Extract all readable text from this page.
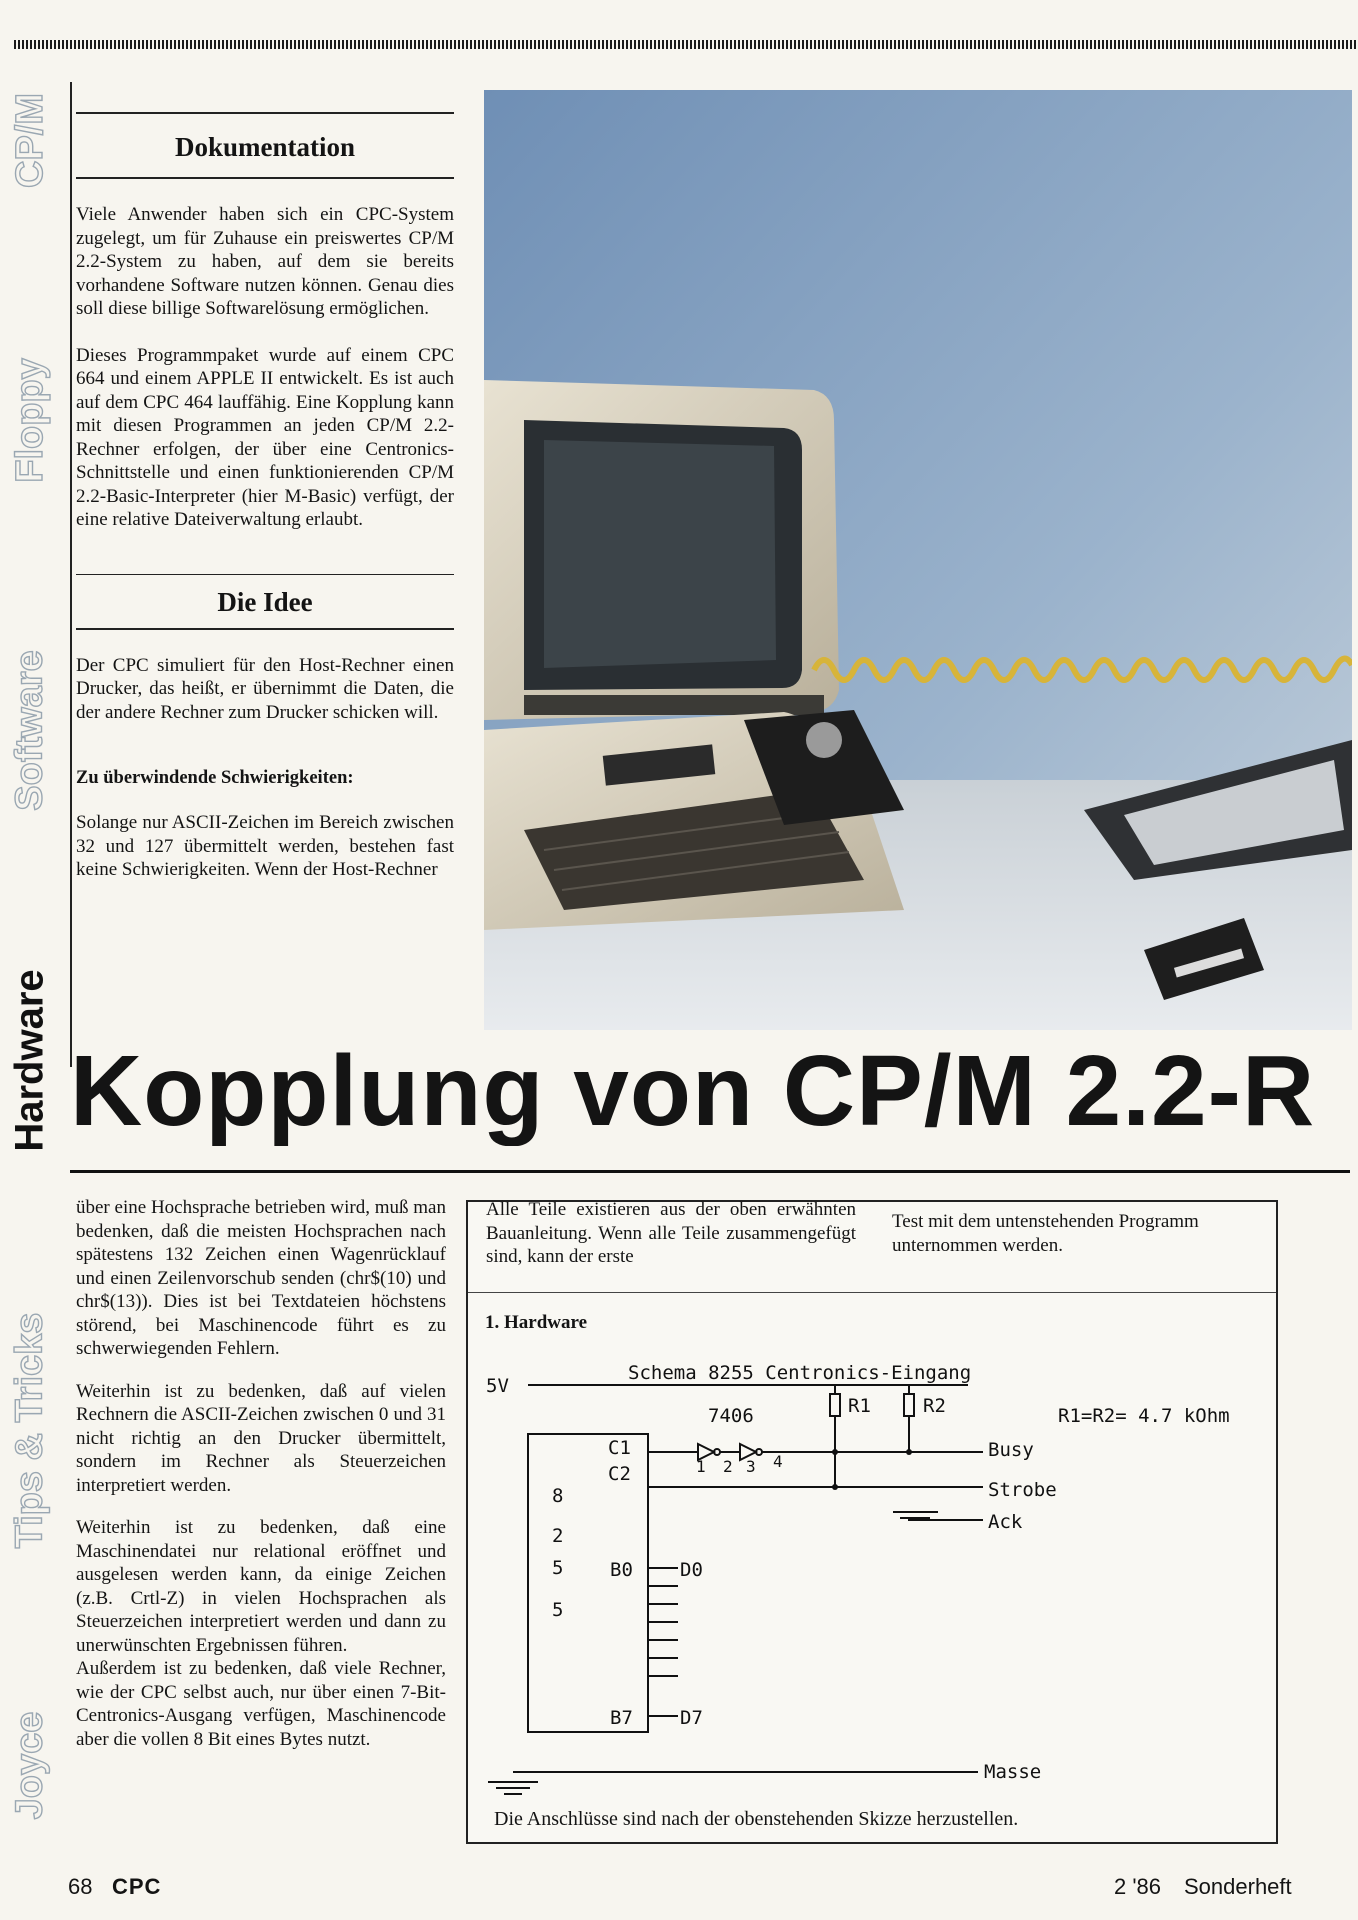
CP/M
Floppy
Software
Hardware
Tips & Tricks
Joyce
Dokumentation

Viele Anwender haben sich ein CPC-System zugelegt, um für Zuhause ein preiswertes CP/M 2.2-System zu haben, auf dem sie bereits vorhandene Software nutzen können. Genau dies soll diese billige Softwarelösung ermöglichen.

Dieses Programmpaket wurde auf einem CPC 664 und einem APPLE II entwickelt. Es ist auch auf dem CPC 464 lauffähig. Eine Kopplung kann mit diesen Programmen an jeden CP/M 2.2-Rechner erfolgen, der über eine Centronics-Schnittstelle und einen funktionierenden CP/M 2.2-Basic-Interpreter (hier M-Basic) verfügt, der eine relative Dateiverwaltung erlaubt.

Die Idee

Der CPC simuliert für den Host-Rechner einen Drucker, das heißt, er übernimmt die Daten, die der andere Rechner zum Drucker schicken will.

Zu überwindende Schwierigkeiten:

Solange nur ASCII-Zeichen im Bereich zwischen 32 und 127 übermittelt werden, bestehen fast keine Schwierigkeiten. Wenn der Host-Rechner

Kopplung von CP/M 2.2-R

über eine Hochsprache betrieben wird, muß man bedenken, daß die meisten Hochsprachen nach spätestens 132 Zeichen einen Wagenrücklauf und einen Zeilenvorschub senden (chr$(10) und chr$(13)). Dies ist bei Textdateien höchstens störend, bei Maschinencode führt es zu schwerwiegenden Fehlern.

Weiterhin ist zu bedenken, daß auf vielen Rechnern die ASCII-Zeichen zwischen 0 und 31 nicht richtig an den Drucker übermittelt, sondern im Rechner als Steuerzeichen interpretiert werden.

Weiterhin ist zu bedenken, daß eine Maschinendatei nur relational eröffnet und ausgelesen werden kann, da einige Zeichen (z.B. Crtl-Z) in vielen Hochsprachen als Steuerzeichen interpretiert werden und dann zu unerwünschten Ergebnissen führen.

Außerdem ist zu bedenken, daß viele Rechner, wie der CPC selbst auch, nur über einen 7-Bit-Centronics-Ausgang verfügen, Maschinencode aber die vollen 8 Bit eines Bytes nutzt.

Alle Teile existieren aus der oben erwähnten Bauanleitung. Wenn alle Teile zusammengefügt sind, kann der erste
Test mit dem untenstehenden Programm unternommen werden.
1. Hardware
Schema 8255 Centronics-Eingang
5V
7406	R1	R2	R1=R2= 4.7 kOhm
C1
C2	1 2 3 4
8
2
5
5
B0
B7
D0
D7
Busy
Strobe
Ack
Masse
Die Anschlüsse sind nach der obenstehenden Skizze herzustellen.
68 CPC	2 '86 Sonderheft
